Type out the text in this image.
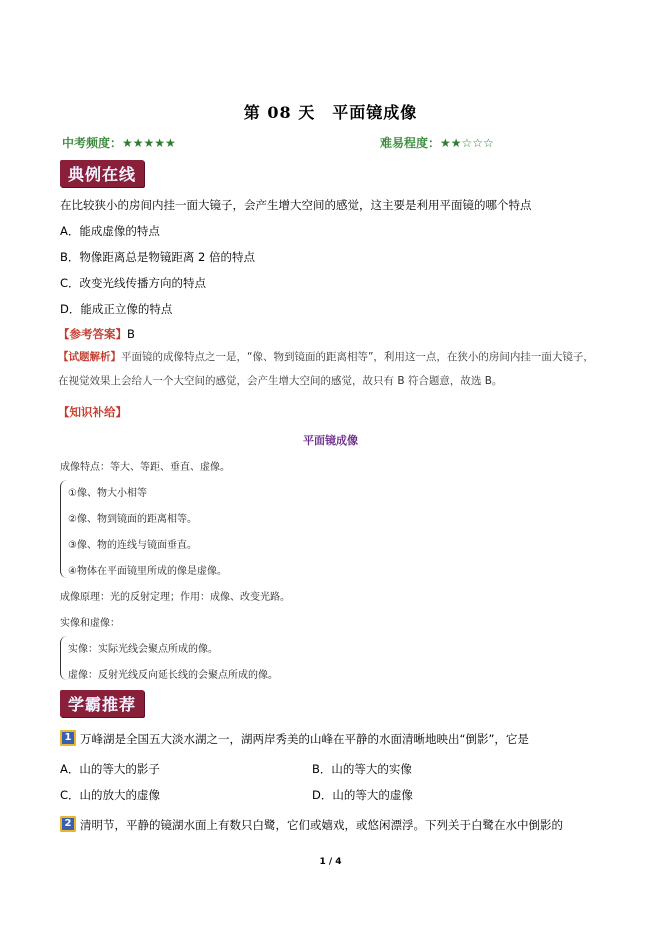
第 08 天　平面镜成像
中考频度：★★★★★	难易程度：★★☆☆☆
典例在线
在比较狭小的房间内挂一面大镜子，会产生增大空间的感觉，这主要是利用平面镜的哪个特点
A．能成虚像的特点
B．物像距离总是物镜距离 2 倍的特点
C．改变光线传播方向的特点
D．能成正立像的特点
【参考答案】B
【试题解析】平面镜的成像特点之一是，“像、物到镜面的距离相等”，利用这一点，在狭小的房间内挂一面大镜子，在视觉效果上会给人一个大空间的感觉，会产生增大空间的感觉，故只有 B 符合题意，故选 B。
【知识补给】
平面镜成像
成像特点：等大、等距、垂直、虚像。
①像、物大小相等
②像、物到镜面的距离相等。
③像、物的连线与镜面垂直。
④物体在平面镜里所成的像是虚像。
成像原理：光的反射定理；作用：成像、改变光路。
实像和虚像：
实像：实际光线会聚点所成的像。
虚像：反射光线反向延长线的会聚点所成的像。
学霸推荐
1 万峰湖是全国五大淡水湖之一，湖两岸秀美的山峰在平静的水面清晰地映出“倒影”，它是
A．山的等大的影子	B．山的等大的实像
C．山的放大的虚像	D．山的等大的虚像
2 清明节，平静的镜湖水面上有数只白鹭，它们或嬉戏，或悠闲漂浮。下列关于白鹭在水中倒影的
1 / 4
